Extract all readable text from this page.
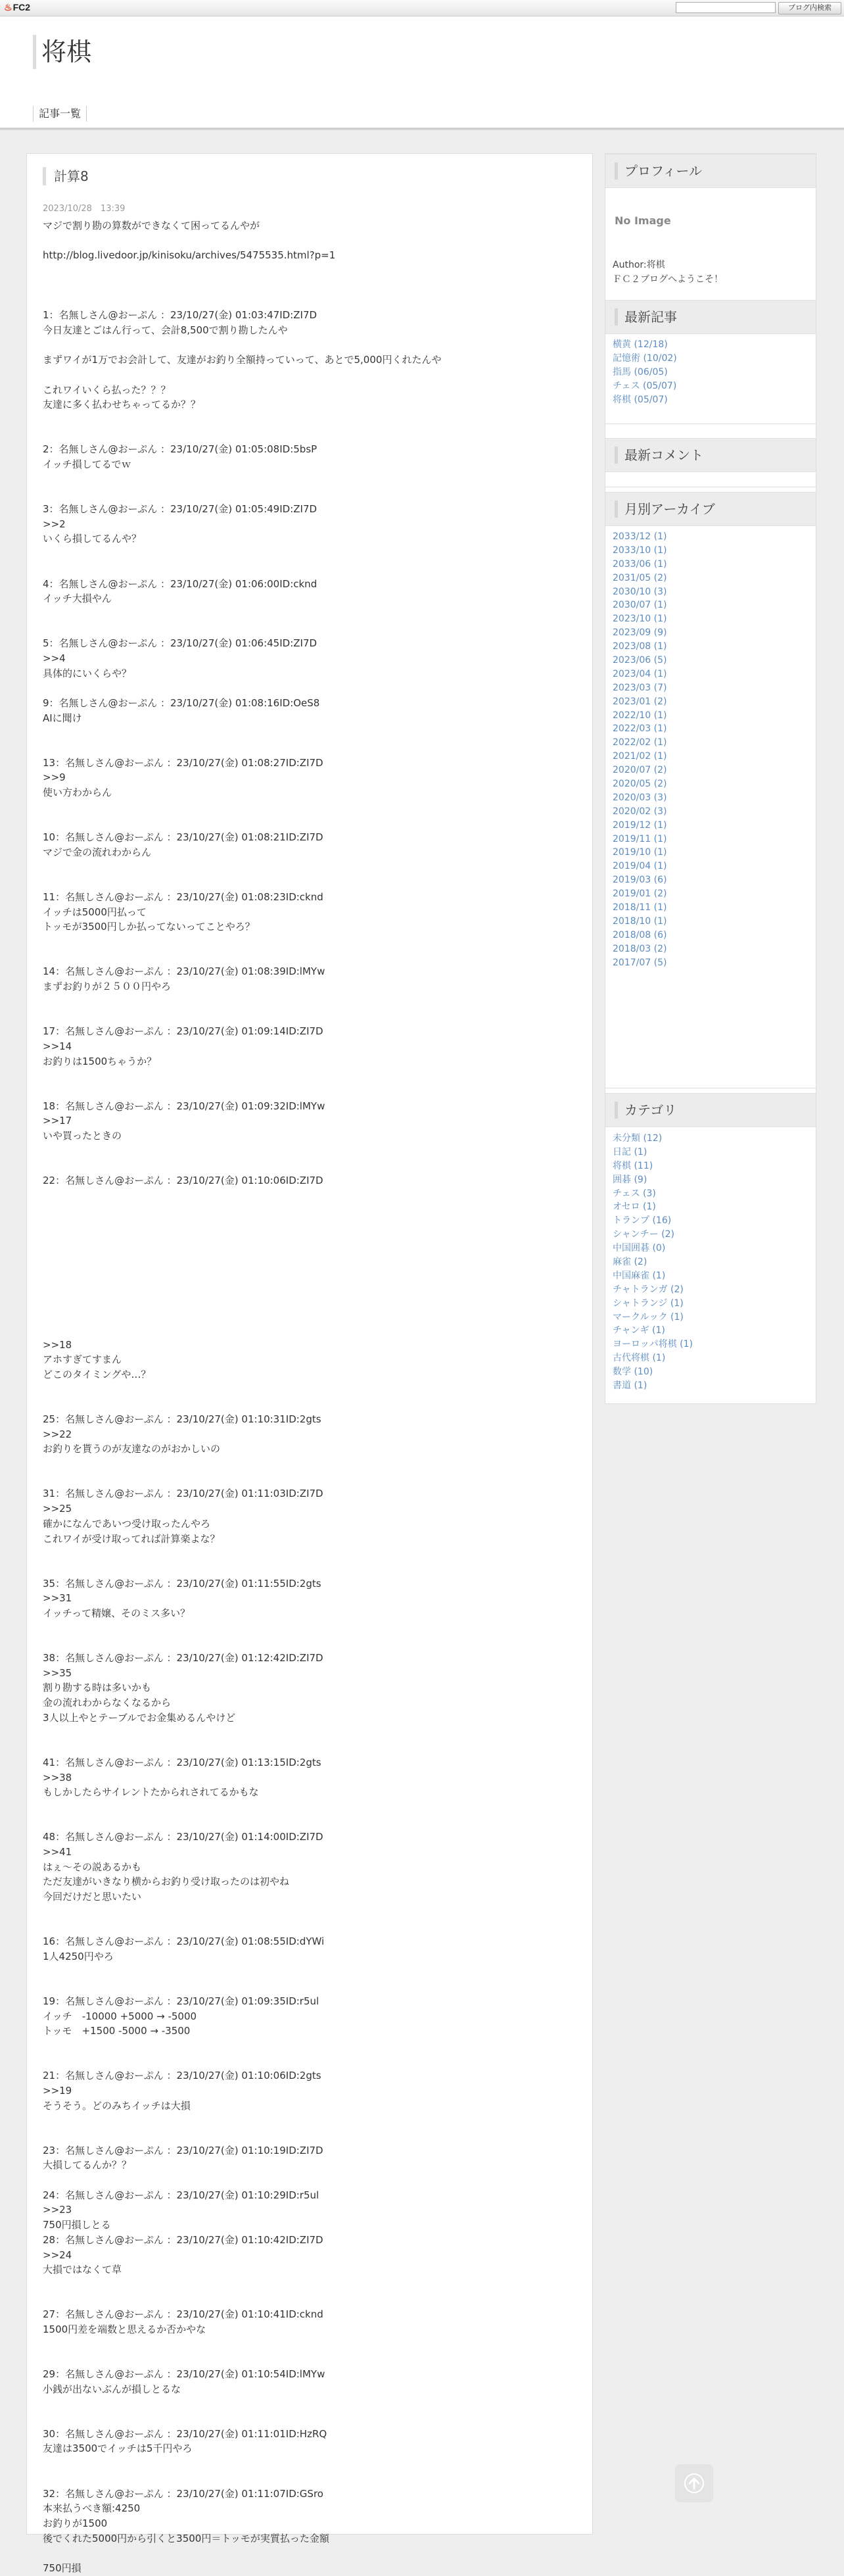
♨FC2	ブログ内検索
将棋
記事一覧
計算8
2023/10/28　13:39
マジで割り勘の算数ができなくて困ってるんやが
http://blog.livedoor.jp/kinisoku/archives/5475535.html?p=1
1：名無しさん@おーぷん ：23/10/27(金) 01:03:47ID:ZI7D
今日友達とごはん行って、会計8,500で割り勘したんや
まずワイが1万でお会計して、友達がお釣り全額持っていって、あとで5,000円くれたんや
これワイいくら払った？？？
友達に多く払わせちゃってるか？？
2：名無しさん@おーぷん ：23/10/27(金) 01:05:08ID:5bsP
イッチ損してるでｗ
3：名無しさん@おーぷん ：23/10/27(金) 01:05:49ID:ZI7D
>>2
いくら損してるんや？
4：名無しさん@おーぷん ：23/10/27(金) 01:06:00ID:cknd
イッチ大損やん
5：名無しさん@おーぷん ：23/10/27(金) 01:06:45ID:ZI7D
>>4
具体的にいくらや？
9：名無しさん@おーぷん ：23/10/27(金) 01:08:16ID:OeS8
AIに聞け
13：名無しさん@おーぷん ：23/10/27(金) 01:08:27ID:ZI7D
>>9
使い方わからん
10：名無しさん@おーぷん ：23/10/27(金) 01:08:21ID:ZI7D
マジで金の流れわからん
11：名無しさん@おーぷん ：23/10/27(金) 01:08:23ID:cknd
イッチは5000円払って
トッモが3500円しか払ってないってことやろ？
14：名無しさん@おーぷん ：23/10/27(金) 01:08:39ID:lMYw
まずお釣りが２５００円やろ
17：名無しさん@おーぷん ：23/10/27(金) 01:09:14ID:ZI7D
>>14
お釣りは1500ちゃうか？
18：名無しさん@おーぷん ：23/10/27(金) 01:09:32ID:lMYw
>>17
いや買ったときの
22：名無しさん@おーぷん ：23/10/27(金) 01:10:06ID:ZI7D
>>18
アホすぎてすまん
どこのタイミングや…？
25：名無しさん@おーぷん ：23/10/27(金) 01:10:31ID:2gts
>>22
お釣りを貰うのが友達なのがおかしいの
31：名無しさん@おーぷん ：23/10/27(金) 01:11:03ID:ZI7D
>>25
確かになんであいつ受け取ったんやろ
これワイが受け取ってれば計算楽よな？
35：名無しさん@おーぷん ：23/10/27(金) 01:11:55ID:2gts
>>31
イッチって精嬢、そのミス多い？
38：名無しさん@おーぷん ：23/10/27(金) 01:12:42ID:ZI7D
>>35
割り勘する時は多いかも
金の流れわからなくなるから
3人以上やとテーブルでお金集めるんやけど
41：名無しさん@おーぷん ：23/10/27(金) 01:13:15ID:2gts
>>38
もしかしたらサイレントたかられされてるかもな
48：名無しさん@おーぷん ：23/10/27(金) 01:14:00ID:ZI7D
>>41
はぇ～その説あるかも
ただ友達がいきなり横からお釣り受け取ったのは初やね
今回だけだと思いたい
16：名無しさん@おーぷん ：23/10/27(金) 01:08:55ID:dYWi
1人4250円やろ
19：名無しさん@おーぷん ：23/10/27(金) 01:09:35ID:r5ul
イッチ　-10000 +5000 → -5000
トッモ　+1500 -5000 → -3500
21：名無しさん@おーぷん ：23/10/27(金) 01:10:06ID:2gts
>>19
そうそう。どのみちイッチは大損
23：名無しさん@おーぷん ：23/10/27(金) 01:10:19ID:ZI7D
大損してるんか？？
24：名無しさん@おーぷん ：23/10/27(金) 01:10:29ID:r5ul
>>23
750円損しとる
28：名無しさん@おーぷん ：23/10/27(金) 01:10:42ID:ZI7D
>>24
大損ではなくて草
27：名無しさん@おーぷん ：23/10/27(金) 01:10:41ID:cknd
1500円差を端数と思えるか否かやな
29：名無しさん@おーぷん ：23/10/27(金) 01:10:54ID:lMYw
小銭が出ないぶんが損しとるな
30：名無しさん@おーぷん ：23/10/27(金) 01:11:01ID:HzRQ
友達は3500でイッチは5千円やろ
32：名無しさん@おーぷん ：23/10/27(金) 01:11:07ID:GSro
本来払うべき額:4250
お釣りが1500
後でくれた5000円から引くと3500円＝トッモが実質払った金額
750円損
プロフィール
No Image
Author:将棋
ＦＣ２ブログへようこそ！
最新記事
横黄 (12/18)
記憶術 (10/02)
指馬 (06/05)
チェス (05/07)
将棋 (05/07)
最新コメント
月別アーカイブ
2033/12 (1)
2033/10 (1)
2033/06 (1)
2031/05 (2)
2030/10 (3)
2030/07 (1)
2023/10 (1)
2023/09 (9)
2023/08 (1)
2023/06 (5)
2023/04 (1)
2023/03 (7)
2023/01 (2)
2022/10 (1)
2022/03 (1)
2022/02 (1)
2021/02 (1)
2020/07 (2)
2020/05 (2)
2020/03 (3)
2020/02 (3)
2019/12 (1)
2019/11 (1)
2019/10 (1)
2019/04 (1)
2019/03 (6)
2019/01 (2)
2018/11 (1)
2018/10 (1)
2018/08 (6)
2018/03 (2)
2017/07 (5)
カテゴリ
未分類 (12)
日記 (1)
将棋 (11)
囲碁 (9)
チェス (3)
オセロ (1)
トランプ (16)
シャンチー (2)
中国囲碁 (0)
麻雀 (2)
中国麻雀 (1)
チャトランガ (2)
シャトランジ (1)
マークルック (1)
チャンギ (1)
ヨーロッパ将棋 (1)
古代将棋 (1)
数学 (10)
書道 (1)
